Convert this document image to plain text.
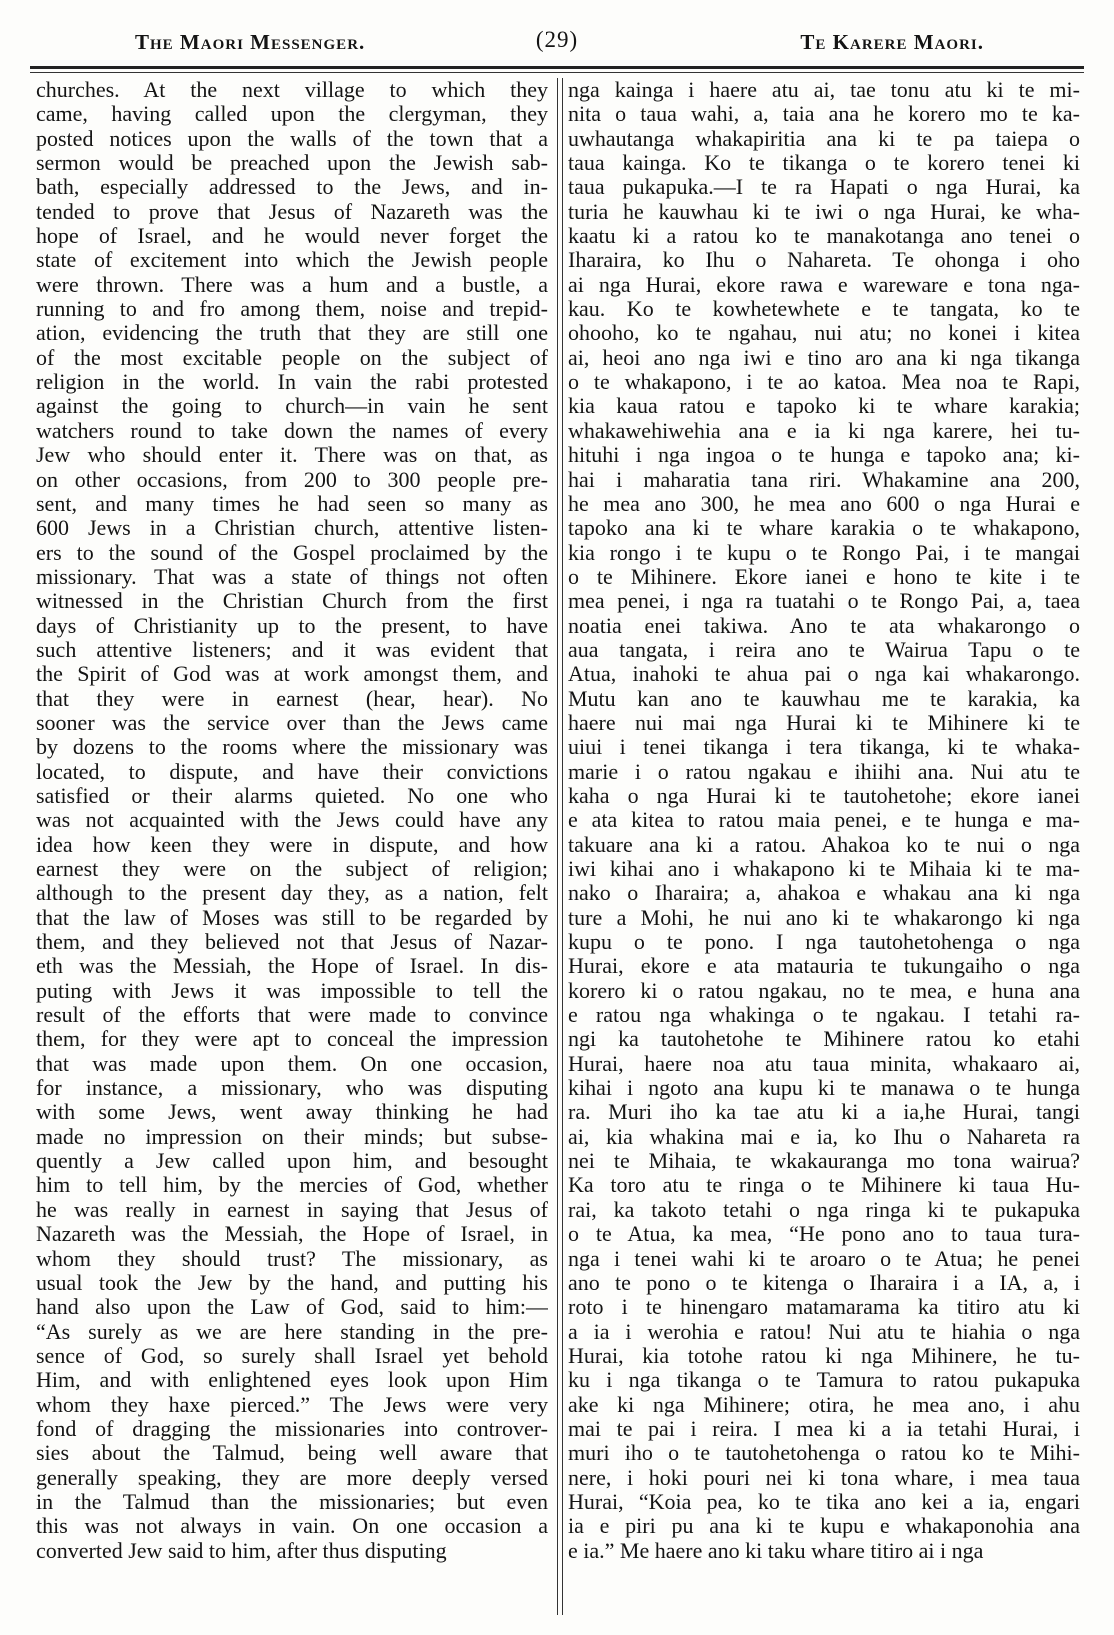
The Maori Messenger.	(29)	Te Karere Maori.
churches. At the next village to which they
came, having called upon the clergyman, they
posted notices upon the walls of the town that a
sermon would be preached upon the Jewish sab-
bath, especially addressed to the Jews, and in-
tended to prove that Jesus of Nazareth was the
hope of Israel, and he would never forget the
state of excitement into which the Jewish people
were thrown. There was a hum and a bustle, a
running to and fro among them, noise and trepid-
ation, evidencing the truth that they are still one
of the most excitable people on the subject of
religion in the world. In vain the rabi protested
against the going to church—in vain he sent
watchers round to take down the names of every
Jew who should enter it. There was on that, as
on other occasions, from 200 to 300 people pre-
sent, and many times he had seen so many as
600 Jews in a Christian church, attentive listen-
ers to the sound of the Gospel proclaimed by the
missionary. That was a state of things not often
witnessed in the Christian Church from the first
days of Christianity up to the present, to have
such attentive listeners; and it was evident that
the Spirit of God was at work amongst them, and
that they were in earnest (hear, hear). No
sooner was the service over than the Jews came
by dozens to the rooms where the missionary was
located, to dispute, and have their convictions
satisfied or their alarms quieted. No one who
was not acquainted with the Jews could have any
idea how keen they were in dispute, and how
earnest they were on the subject of religion;
although to the present day they, as a nation, felt
that the law of Moses was still to be regarded by
them, and they believed not that Jesus of Nazar-
eth was the Messiah, the Hope of Israel. In dis-
puting with Jews it was impossible to tell the
result of the efforts that were made to convince
them, for they were apt to conceal the impression
that was made upon them. On one occasion,
for instance, a missionary, who was disputing
with some Jews, went away thinking he had
made no impression on their minds; but subse-
quently a Jew called upon him, and besought
him to tell him, by the mercies of God, whether
he was really in earnest in saying that Jesus of
Nazareth was the Messiah, the Hope of Israel, in
whom they should trust? The missionary, as
usual took the Jew by the hand, and putting his
hand also upon the Law of God, said to him:—
“As surely as we are here standing in the pre-
sence of God, so surely shall Israel yet behold
Him, and with enlightened eyes look upon Him
whom they haxe pierced.” The Jews were very
fond of dragging the missionaries into controver-
sies about the Talmud, being well aware that
generally speaking, they are more deeply versed
in the Talmud than the missionaries; but even
this was not always in vain. On one occasion a
converted Jew said to him, after thus disputing
nga kainga i haere atu ai, tae tonu atu ki te mi-
nita o taua wahi, a, taia ana he korero mo te ka-
uwhautanga whakapiritia ana ki te pa taiepa o
taua kainga. Ko te tikanga o te korero tenei ki
taua pukapuka.—I te ra Hapati o nga Hurai, ka
turia he kauwhau ki te iwi o nga Hurai, ke wha-
kaatu ki a ratou ko te manakotanga ano tenei o
Iharaira, ko Ihu o Nahareta. Te ohonga i oho
ai nga Hurai, ekore rawa e wareware e tona nga-
kau. Ko te kowhetewhete e te tangata, ko te
ohooho, ko te ngahau, nui atu; no konei i kitea
ai, heoi ano nga iwi e tino aro ana ki nga tikanga
o te whakapono, i te ao katoa. Mea noa te Rapi,
kia kaua ratou e tapoko ki te whare karakia;
whakawehiwehia ana e ia ki nga karere, hei tu-
hituhi i nga ingoa o te hunga e tapoko ana; ki-
hai i maharatia tana riri. Whakamine ana 200,
he mea ano 300, he mea ano 600 o nga Hurai e
tapoko ana ki te whare karakia o te whakapono,
kia rongo i te kupu o te Rongo Pai, i te mangai
o te Mihinere. Ekore ianei e hono te kite i te
mea penei, i nga ra tuatahi o te Rongo Pai, a, taea
noatia enei takiwa. Ano te ata whakarongo o
aua tangata, i reira ano te Wairua Tapu o te
Atua, inahoki te ahua pai o nga kai whakarongo.
Mutu kan ano te kauwhau me te karakia, ka
haere nui mai nga Hurai ki te Mihinere ki te
uiui i tenei tikanga i tera tikanga, ki te whaka-
marie i o ratou ngakau e ihiihi ana. Nui atu te
kaha o nga Hurai ki te tautohetohe; ekore ianei
e ata kitea to ratou maia penei, e te hunga e ma-
takuare ana ki a ratou. Ahakoa ko te nui o nga
iwi kihai ano i whakapono ki te Mihaia ki te ma-
nako o Iharaira; a, ahakoa e whakau ana ki nga
ture a Mohi, he nui ano ki te whakarongo ki nga
kupu o te pono. I nga tautohetohenga o nga
Hurai, ekore e ata matauria te tukungaiho o nga
korero ki o ratou ngakau, no te mea, e huna ana
e ratou nga whakinga o te ngakau. I tetahi ra-
ngi ka tautohetohe te Mihinere ratou ko etahi
Hurai, haere noa atu taua minita, whakaaro ai,
kihai i ngoto ana kupu ki te manawa o te hunga
ra. Muri iho ka tae atu ki a ia,he Hurai, tangi
ai, kia whakina mai e ia, ko Ihu o Nahareta ra
nei te Mihaia, te wkakauranga mo tona wairua?
Ka toro atu te ringa o te Mihinere ki taua Hu-
rai, ka takoto tetahi o nga ringa ki te pukapuka
o te Atua, ka mea, “He pono ano to taua tura-
nga i tenei wahi ki te aroaro o te Atua; he penei
ano te pono o te kitenga o Iharaira i a IA, a, i
roto i te hinengaro matamarama ka titiro atu ki
a ia i werohia e ratou! Nui atu te hiahia o nga
Hurai, kia totohe ratou ki nga Mihinere, he tu-
ku i nga tikanga o te Tamura to ratou pukapuka
ake ki nga Mihinere; otira, he mea ano, i ahu
mai te pai i reira. I mea ki a ia tetahi Hurai, i
muri iho o te tautohetohenga o ratou ko te Mihi-
nere, i hoki pouri nei ki tona whare, i mea taua
Hurai, “Koia pea, ko te tika ano kei a ia, engari
ia e piri pu ana ki te kupu e whakaponohia ana
e ia.” Me haere ano ki taku whare titiro ai i nga
